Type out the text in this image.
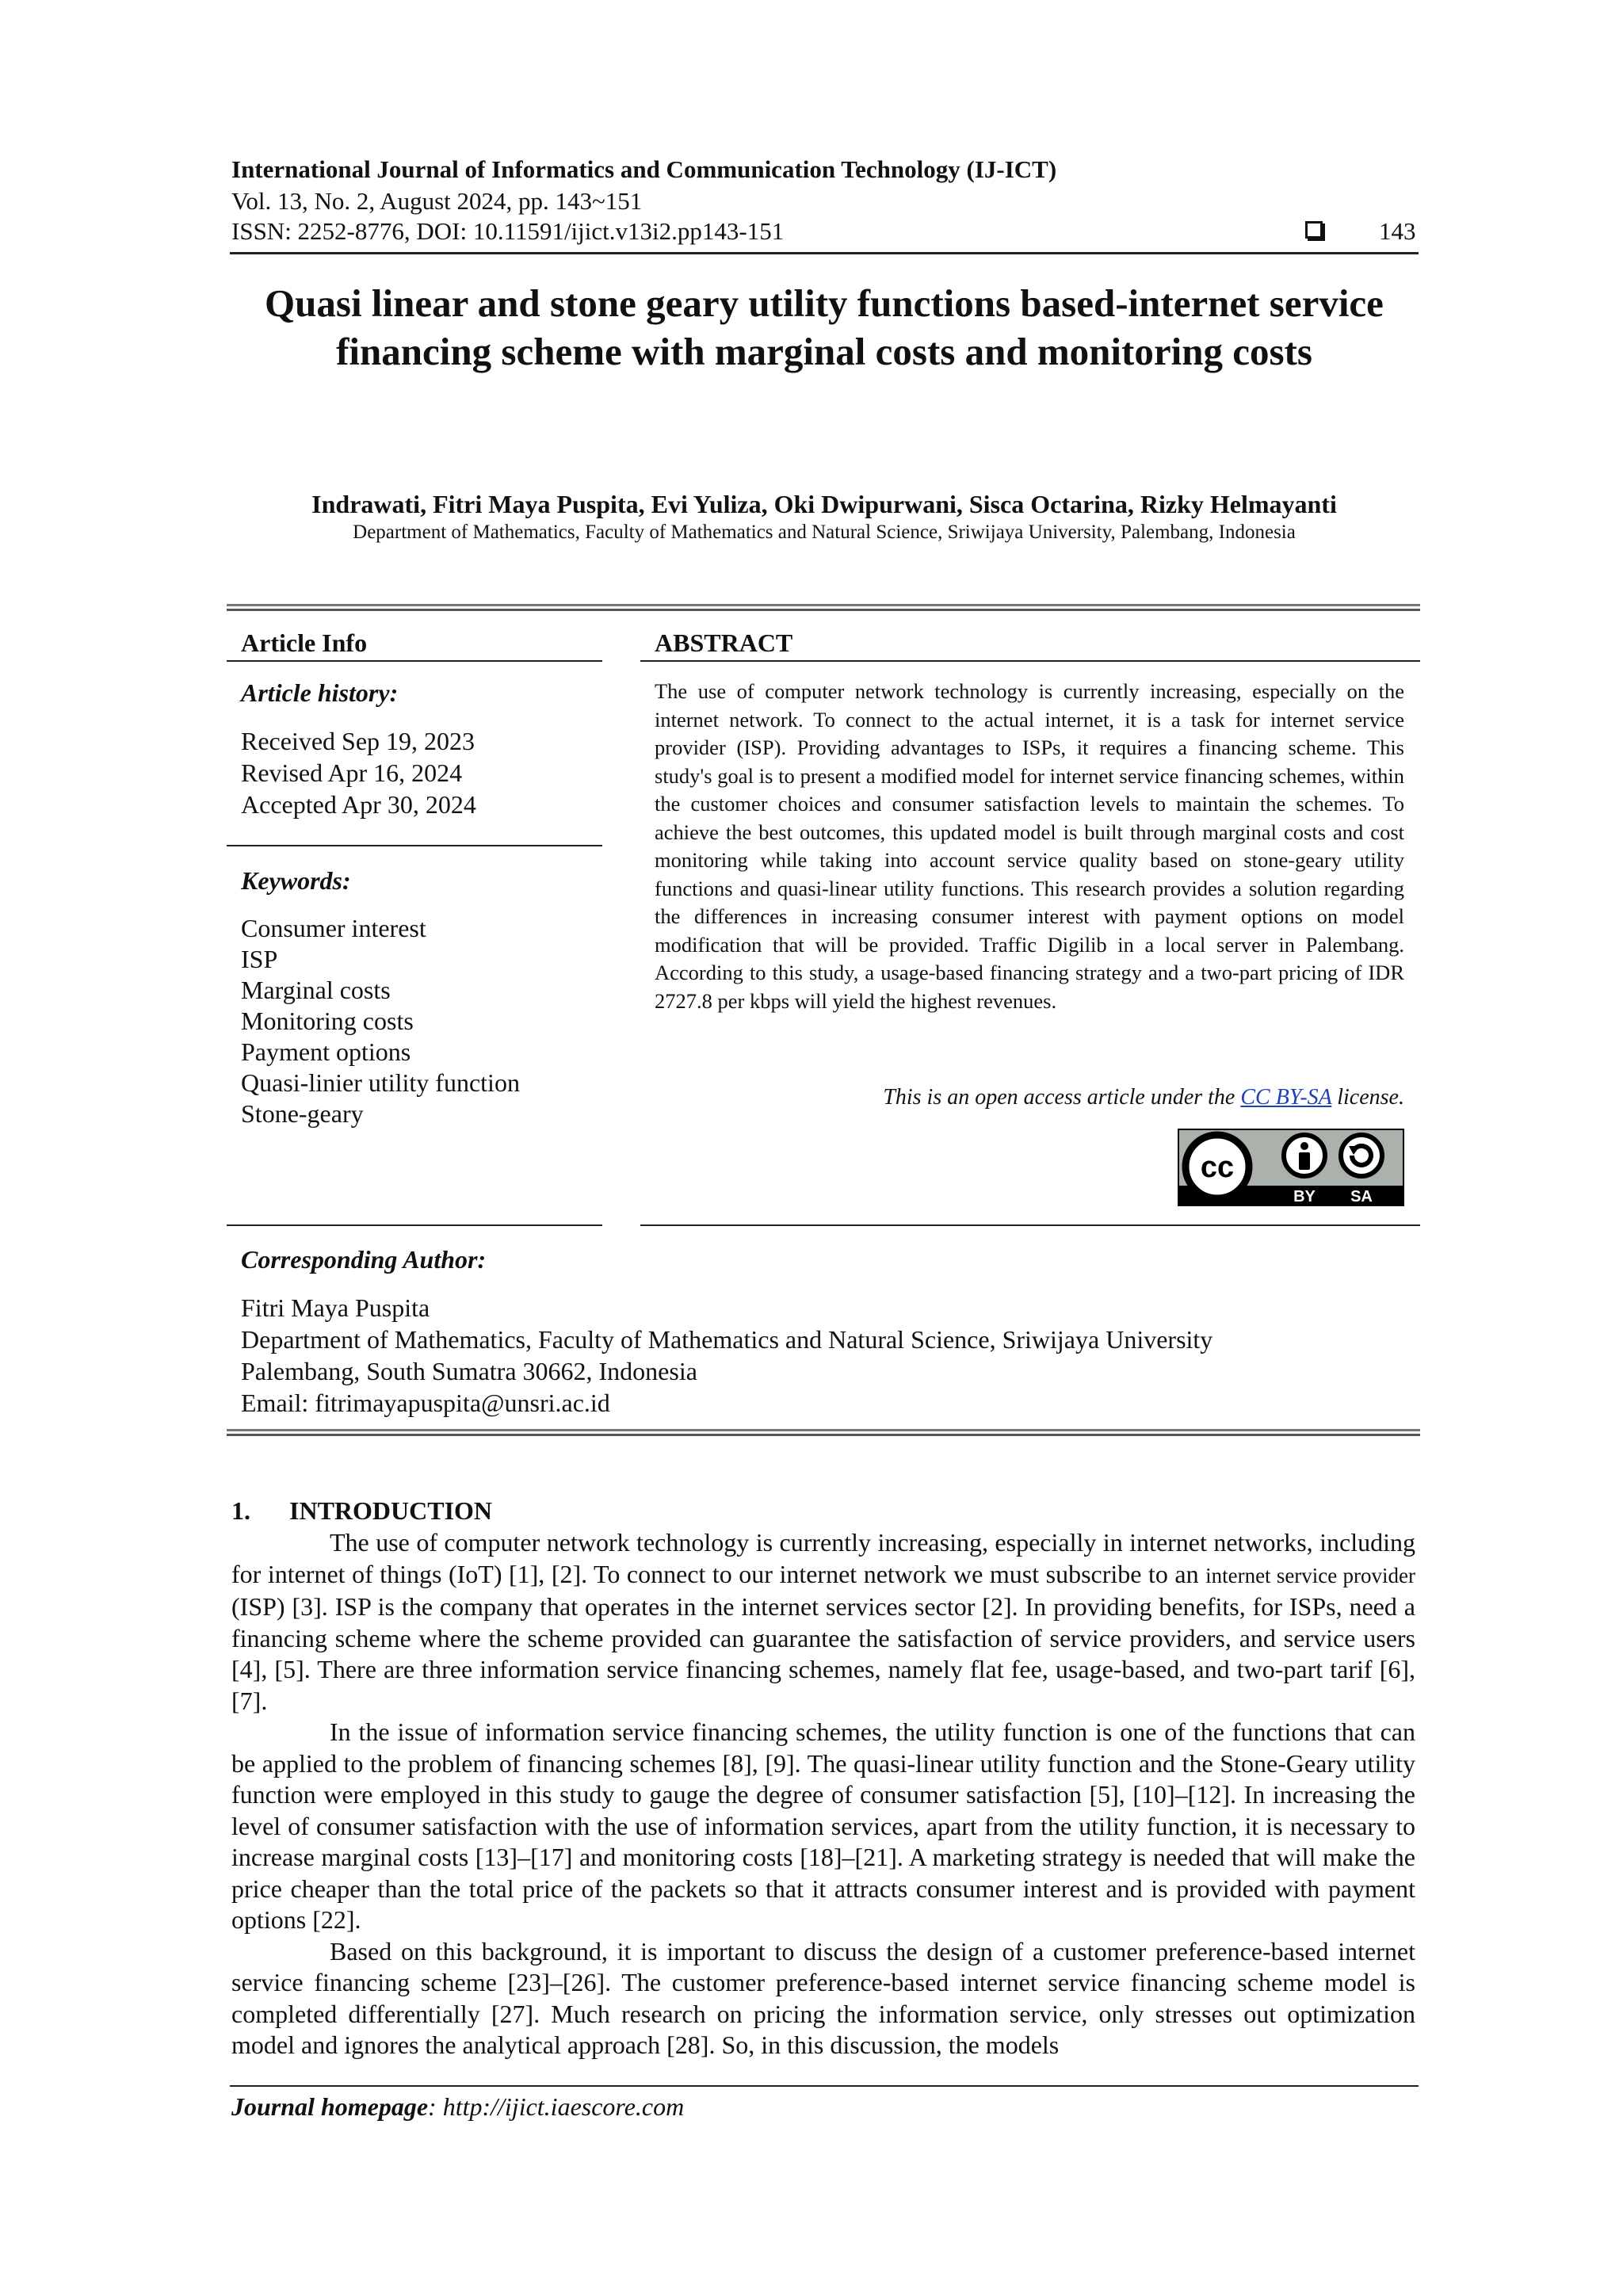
International Journal of Informatics and Communication Technology (IJ-ICT)
Vol. 13, No. 2, August 2024, pp. 143~151
ISSN: 2252-8776, DOI: 10.11591/ijict.v13i2.pp143-151	143
Quasi linear and stone geary utility functions based-internet service financing scheme with marginal costs and monitoring costs
Indrawati, Fitri Maya Puspita, Evi Yuliza, Oki Dwipurwani, Sisca Octarina, Rizky Helmayanti
Department of Mathematics, Faculty of Mathematics and Natural Science, Sriwijaya University, Palembang, Indonesia
Article Info
Article history:
Received Sep 19, 2023
Revised Apr 16, 2024
Accepted Apr 30, 2024
Keywords:
Consumer interest
ISP
Marginal costs
Monitoring costs
Payment options
Quasi-linier utility function
Stone-geary
ABSTRACT

The use of computer network technology is currently increasing, especially on the internet network. To connect to the actual internet, it is a task for internet service provider (ISP). Providing advantages to ISPs, it requires a financing scheme. This study's goal is to present a modified model for internet service financing schemes, within the customer choices and consumer satisfaction levels to maintain the schemes. To achieve the best outcomes, this updated model is built through marginal costs and cost monitoring while taking into account service quality based on stone-geary utility functions and quasi-linear utility functions. This research provides a solution regarding the differences in increasing consumer interest with payment options on model modification that will be provided. Traffic Digilib in a local server in Palembang. According to this study, a usage-based financing strategy and a two-part pricing of IDR 2727.8 per kbps will yield the highest revenues.

This is an open access article under the CC BY-SA license.
cc
BY SA
Corresponding Author:
Fitri Maya Puspita
Department of Mathematics, Faculty of Mathematics and Natural Science, Sriwijaya University
Palembang, South Sumatra 30662, Indonesia
Email: fitrimayapuspita@unsri.ac.id
1. INTRODUCTION

The use of computer network technology is currently increasing, especially in internet networks, including for internet of things (IoT) [1], [2]. To connect to our internet network we must subscribe to an internet service provider (ISP) [3]. ISP is the company that operates in the internet services sector [2]. In providing benefits, for ISPs, need a financing scheme where the scheme provided can guarantee the satisfaction of service providers, and service users [4], [5]. There are three information service financing schemes, namely flat fee, usage-based, and two-part tarif [6], [7].

In the issue of information service financing schemes, the utility function is one of the functions that can be applied to the problem of financing schemes [8], [9]. The quasi-linear utility function and the Stone-Geary utility function were employed in this study to gauge the degree of consumer satisfaction [5], [10]–[12]. In increasing the level of consumer satisfaction with the use of information services, apart from the utility function, it is necessary to increase marginal costs [13]–[17] and monitoring costs [18]–[21]. A marketing strategy is needed that will make the price cheaper than the total price of the packets so that it attracts consumer interest and is provided with payment options [22].

Based on this background, it is important to discuss the design of a customer preference-based internet service financing scheme [23]–[26]. The customer preference-based internet service financing scheme model is completed differentially [27]. Much research on pricing the information service, only stresses out optimization model and ignores the analytical approach [28]. So, in this discussion, the models

Journal homepage: http://ijict.iaescore.com
